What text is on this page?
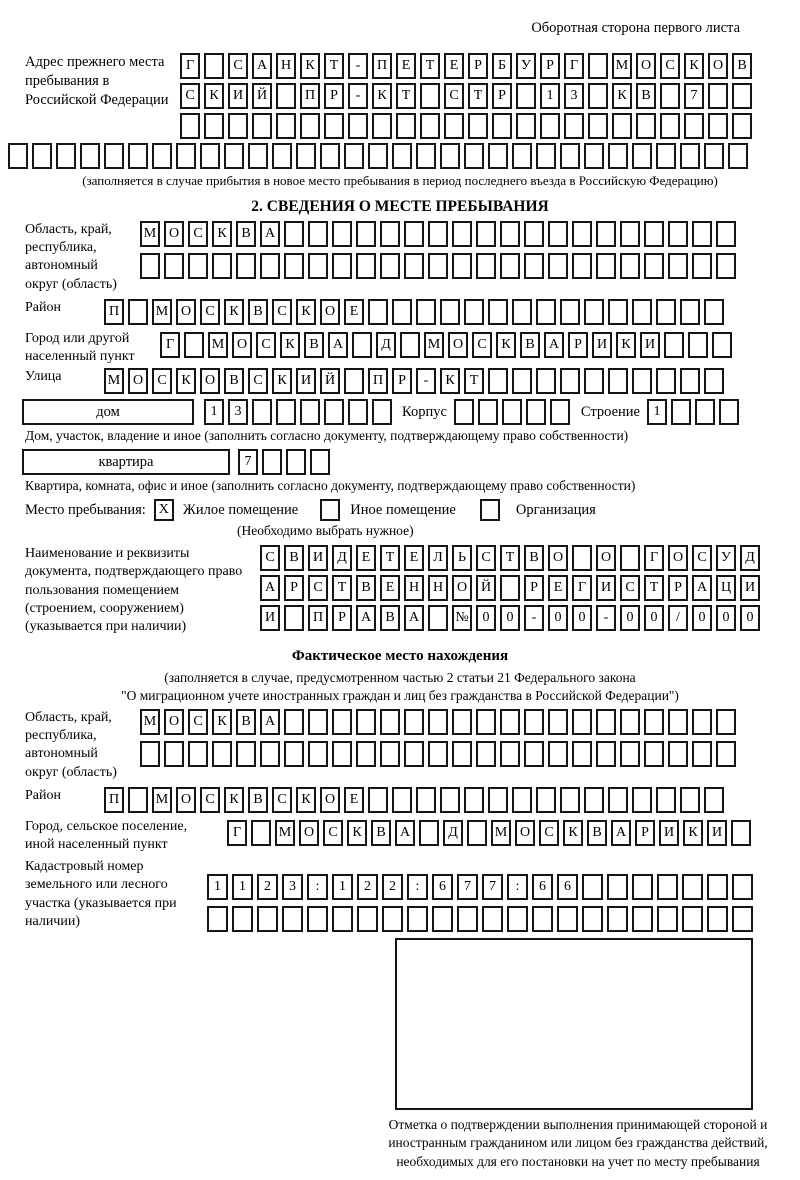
Оборотная сторона первого листа
Адрес прежнего места пребывания в Российской Федерации
Г	С	А Н	К	Т	-	П	Е	Т	Е	Р	Б	У	Р	Г	М О	С	К	О	В
С	К	И Й	П	Р	-	К	Т	С	Т	Р	1	3	К	В	7
(заполняется в случае прибытия в новое место пребывания в период последнего въезда в Российскую Федерацию)
2. СВЕДЕНИЯ О МЕСТЕ ПРЕБЫВАНИЯ
Область, край, республика, автономный округ (область)
М О	С	К	В	А
Район	П	М О	С	К	В	С	К	О	Е
Город или другой населенный пункт
Г	М О	С	К	В	А	Д	М О	С	К	В	А	Р	И	К	И
Улица	М О	С	К	О	В	С	К	И Й	П	Р	-	К	Т
дом	1	3	Корпус	Строение 1
Дом, участок, владение и иное (заполнить согласно документу, подтверждающему право собственности)
квартира	7
Квартира, комната, офис и иное (заполнить согласно документу, подтверждающему право собственности)
Место пребывания: X Жилое помещение	Иное помещение	Организация
(Необходимо выбрать нужное)
Наименование и реквизиты документа, подтверждающего право пользования помещением (строением, сооружением) (указывается при наличии)
С	В	И	Д	Е	Т	Е	Л	Ь	С	Т	В	О	О	Г	О	С	У	Д
А	Р	С	Т	В	Е	Н Н О Й	Р	Е	Г	И	С	Т	Р	А Ц И
И	П	Р	А	В	А	№ 0	0	-	0	0	-	0	0	/	0	0	0
Фактическое место нахождения
(заполняется в случае, предусмотренном частью 2 статьи 21 Федерального закона
"О миграционном учете иностранных граждан и лиц без гражданства в Российской Федерации")
Область, край, республика, автономный округ (область)
М О	С	К	В	А
Район	П	М О	С	К	В	С	К	О	Е
Город, сельское поселение, иной населенный пункт
Г	М О	С	К	В	А	Д	М О	С	К	В	А	Р	И	К	И
Кадастровый номер земельного или лесного участка (указывается при наличии)
1	1	2	3	:	1	2	2	:	6	7	7	:	6	6
Отметка о подтверждении выполнения принимающей стороной и иностранным гражданином или лицом без гражданства действий, необходимых для его постановки на учет по месту пребывания
